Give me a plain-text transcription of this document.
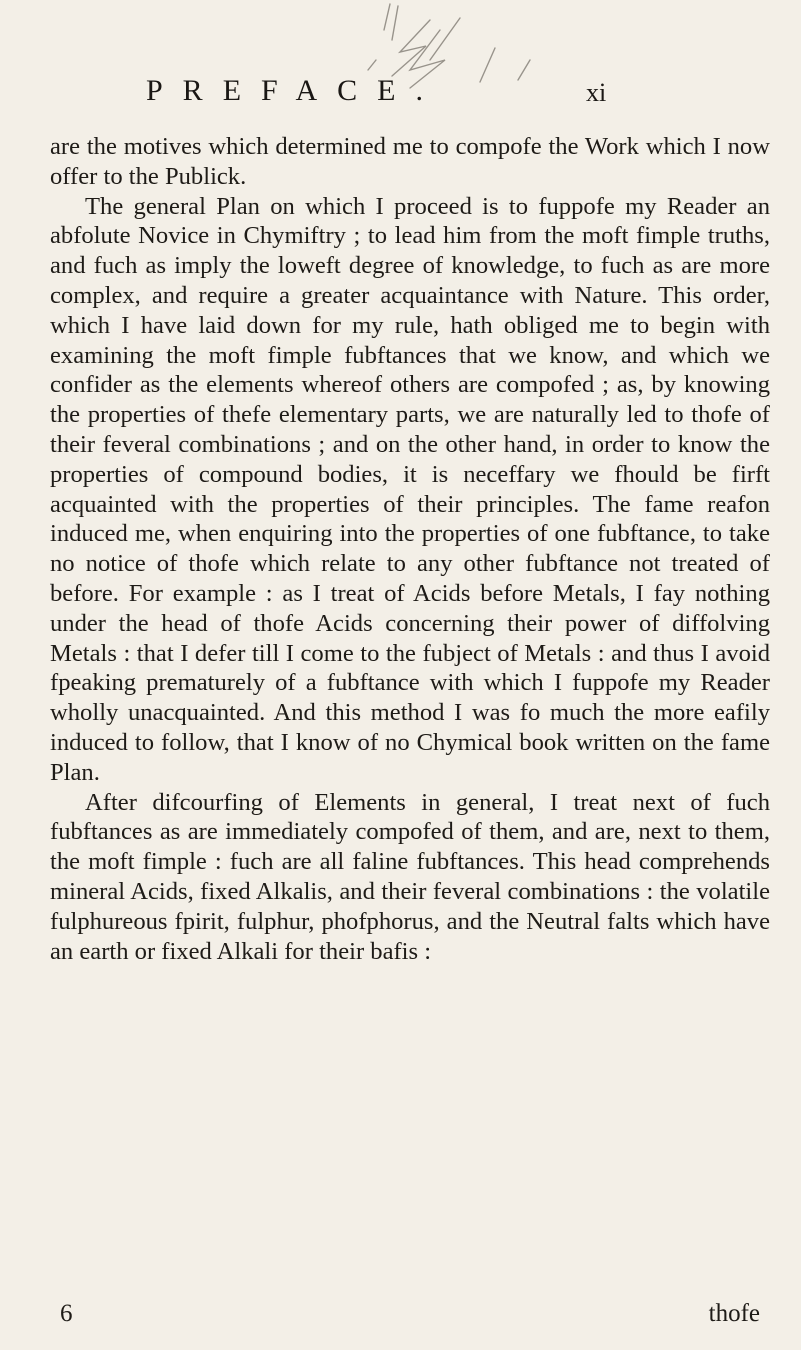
PREFACE.	xi

are the motives which determined me to compofe the Work which I now offer to the Publick.

The general Plan on which I proceed is to fuppofe my Reader an abfolute Novice in Chymiftry ; to lead him from the moft fimple truths, and fuch as imply the loweft degree of knowledge, to fuch as are more complex, and require a greater acquaintance with Nature. This order, which I have laid down for my rule, hath obliged me to begin with examining the moft fimple fubftances that we know, and which we confider as the elements whereof others are compofed ; as, by knowing the properties of thefe elementary parts, we are naturally led to thofe of their feveral combinations ; and on the other hand, in order to know the properties of compound bodies, it is neceffary we fhould be firft acquainted with the properties of their principles. The fame reafon induced me, when enquiring into the properties of one fubftance, to take no notice of thofe which relate to any other fubftance not treated of before. For example : as I treat of Acids before Metals, I fay nothing under the head of thofe Acids concerning their power of diffolving Metals : that I defer till I come to the fubject of Metals : and thus I avoid fpeaking prematurely of a fubftance with which I fuppofe my Reader wholly unacquainted. And this method I was fo much the more eafily induced to follow, that I know of no Chymical book written on the fame Plan.

After difcourfing of Elements in general, I treat next of fuch fubftances as are immediately compofed of them, and are, next to them, the moft fimple : fuch are all faline fubftances. This head comprehends mineral Acids, fixed Alkalis, and their feveral combinations : the volatile fulphureous fpirit, fulphur, phofphorus, and the Neutral falts which have an earth or fixed Alkali for their bafis :

6	thofe
